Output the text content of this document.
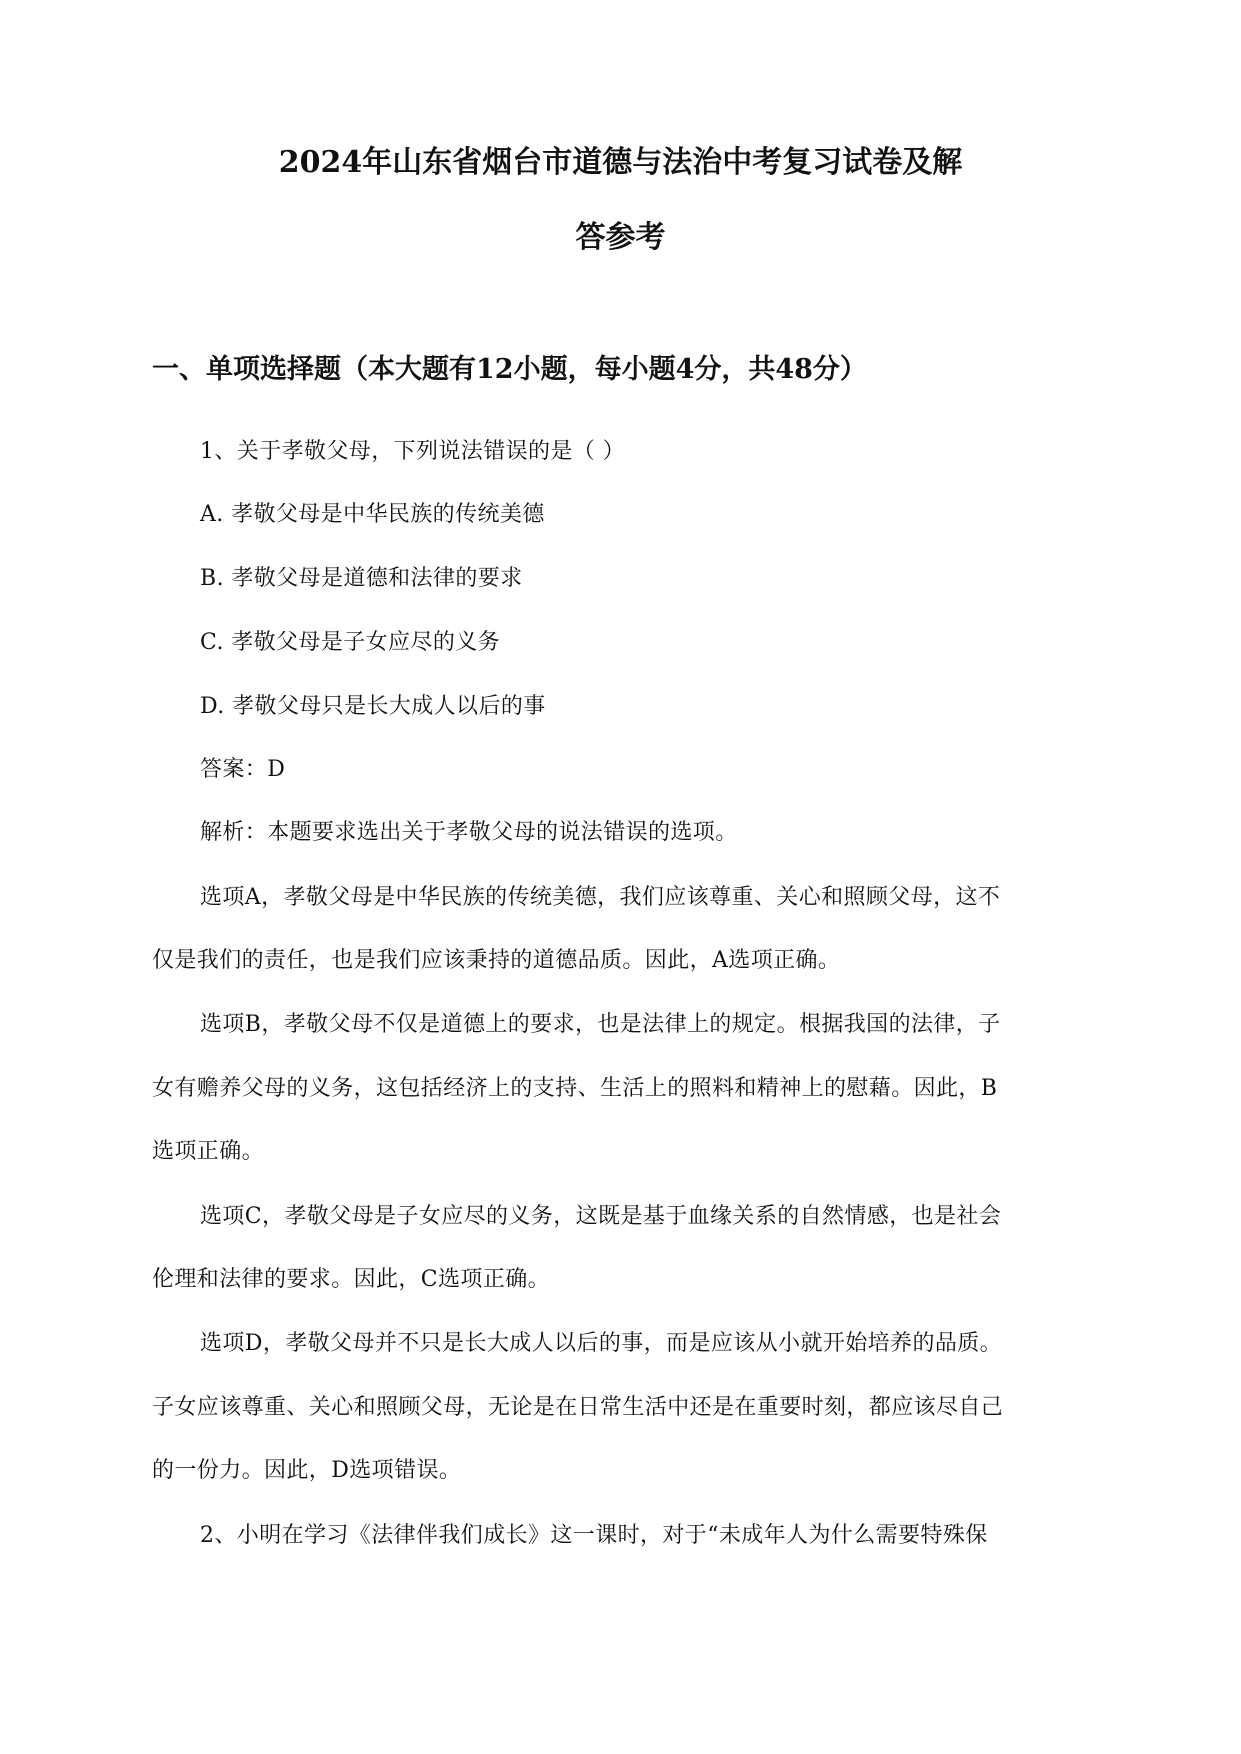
2024年山东省烟台市道德与法治中考复习试卷及解
答参考
一、单项选择题（本大题有12小题，每小题4分，共48分）
1、关于孝敬父母，下列说法错误的是（ ）
A. 孝敬父母是中华民族的传统美德
B. 孝敬父母是道德和法律的要求
C. 孝敬父母是子女应尽的义务
D. 孝敬父母只是长大成人以后的事
答案：D
解析：本题要求选出关于孝敬父母的说法错误的选项。
选项A，孝敬父母是中华民族的传统美德，我们应该尊重、关心和照顾父母，这不
仅是我们的责任，也是我们应该秉持的道德品质。因此，A选项正确。
选项B，孝敬父母不仅是道德上的要求，也是法律上的规定。根据我国的法律，子
女有赡养父母的义务，这包括经济上的支持、生活上的照料和精神上的慰藉。因此，B
选项正确。
选项C，孝敬父母是子女应尽的义务，这既是基于血缘关系的自然情感，也是社会
伦理和法律的要求。因此，C选项正确。
选项D，孝敬父母并不只是长大成人以后的事，而是应该从小就开始培养的品质。
子女应该尊重、关心和照顾父母，无论是在日常生活中还是在重要时刻，都应该尽自己
的一份力。因此，D选项错误。
2、小明在学习《法律伴我们成长》这一课时，对于“未成年人为什么需要特殊保
